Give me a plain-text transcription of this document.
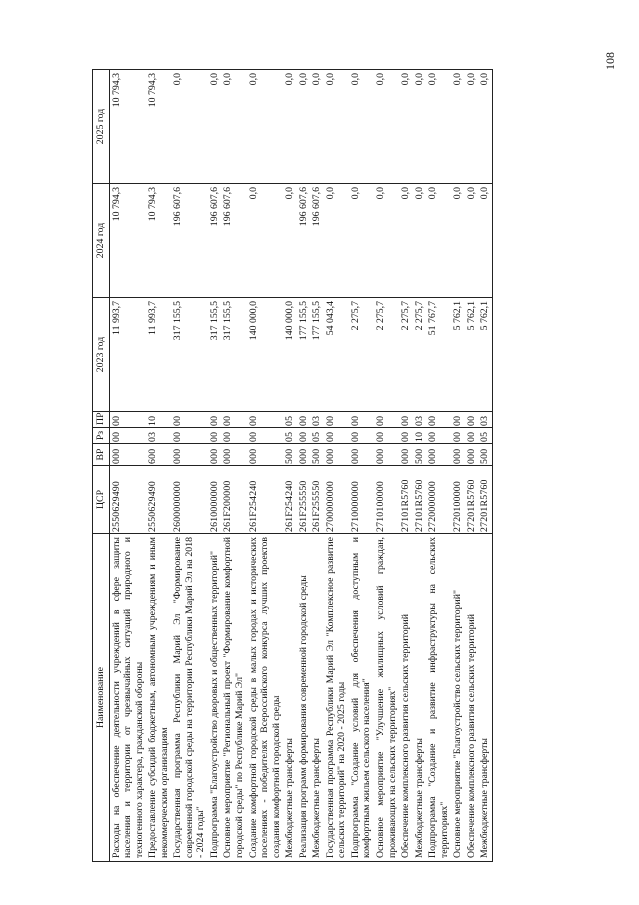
108
Наименование	ЦСР	ВР	Рз	ПР	2023 год	2024 год	2025 год
Расходы на обеспечение деятельности учреждений в сфере защиты населения и территории от чрезвычайных ситуаций природного и техногенного характера, гражданской обороны	2550629490	000	00	00	11 993,7	10 794,3	10 794,3
Предоставление субсидий бюджетным, автономным учреждениям и иным некоммерческим организациям	2550629490	600	03	10	11 993,7	10 794,3	10 794,3
Государственная программа Республики Марий Эл "Формирование современной городской среды на территории Республики Марий Эл на 2018 - 2024 годы"	2600000000	000	00	00	317 155,5	196 607,6	0,0
Подпрограмма "Благоустройство дворовых и общественных территорий"	2610000000	000	00	00	317 155,5	196 607,6	0,0
Основное мероприятие "Региональный проект "Формирование комфортной городской среды" по Республике Марий Эл"	261F200000	000	00	00	317 155,5	196 607,6	0,0
Создание комфортной городской среды в малых городах и исторических поселениях - победителях Всероссийского конкурса лучших проектов создания комфортной городской среды	261F254240	000	00	00	140 000,0	0,0	0,0
Межбюджетные трансферты	261F254240	500	05	05	140 000,0	0,0	0,0
Реализация программ формирования современной городской среды	261F255550	000	00	00	177 155,5	196 607,6	0,0
Межбюджетные трансферты	261F255550	500	05	03	177 155,5	196 607,6	0,0
Государственная программа Республики Марий Эл "Комплексное развитие сельских территорий" на 2020 - 2025 годы	2700000000	000	00	00	54 043,4	0,0	0,0
Подпрограмма "Создание условий для обеспечения доступным и комфортным жильем сельского населения"	2710000000	000	00	00	2 275,7	0,0	0,0
Основное мероприятие "Улучшение жилищных условий граждан, проживающих на сельских территориях"	2710100000	000	00	00	2 275,7	0,0	0,0
Обеспечение комплексного развития сельских территорий	27101R5760	000	00	00	2 275,7	0,0	0,0
Межбюджетные трансферты	27101R5760	500	10	03	2 275,7	0,0	0,0
Подпрограмма "Создание и развитие инфраструктуры на сельских территориях"	2720000000	000	00	00	51 767,7	0,0	0,0
Основное мероприятие "Благоустройство сельских территорий"	2720100000	000	00	00	5 762,1	0,0	0,0
Обеспечение комплексного развития сельских территорий	27201R5760	000	00	00	5 762,1	0,0	0,0
Межбюджетные трансферты	27201R5760	500	05	03	5 762,1	0,0	0,0
